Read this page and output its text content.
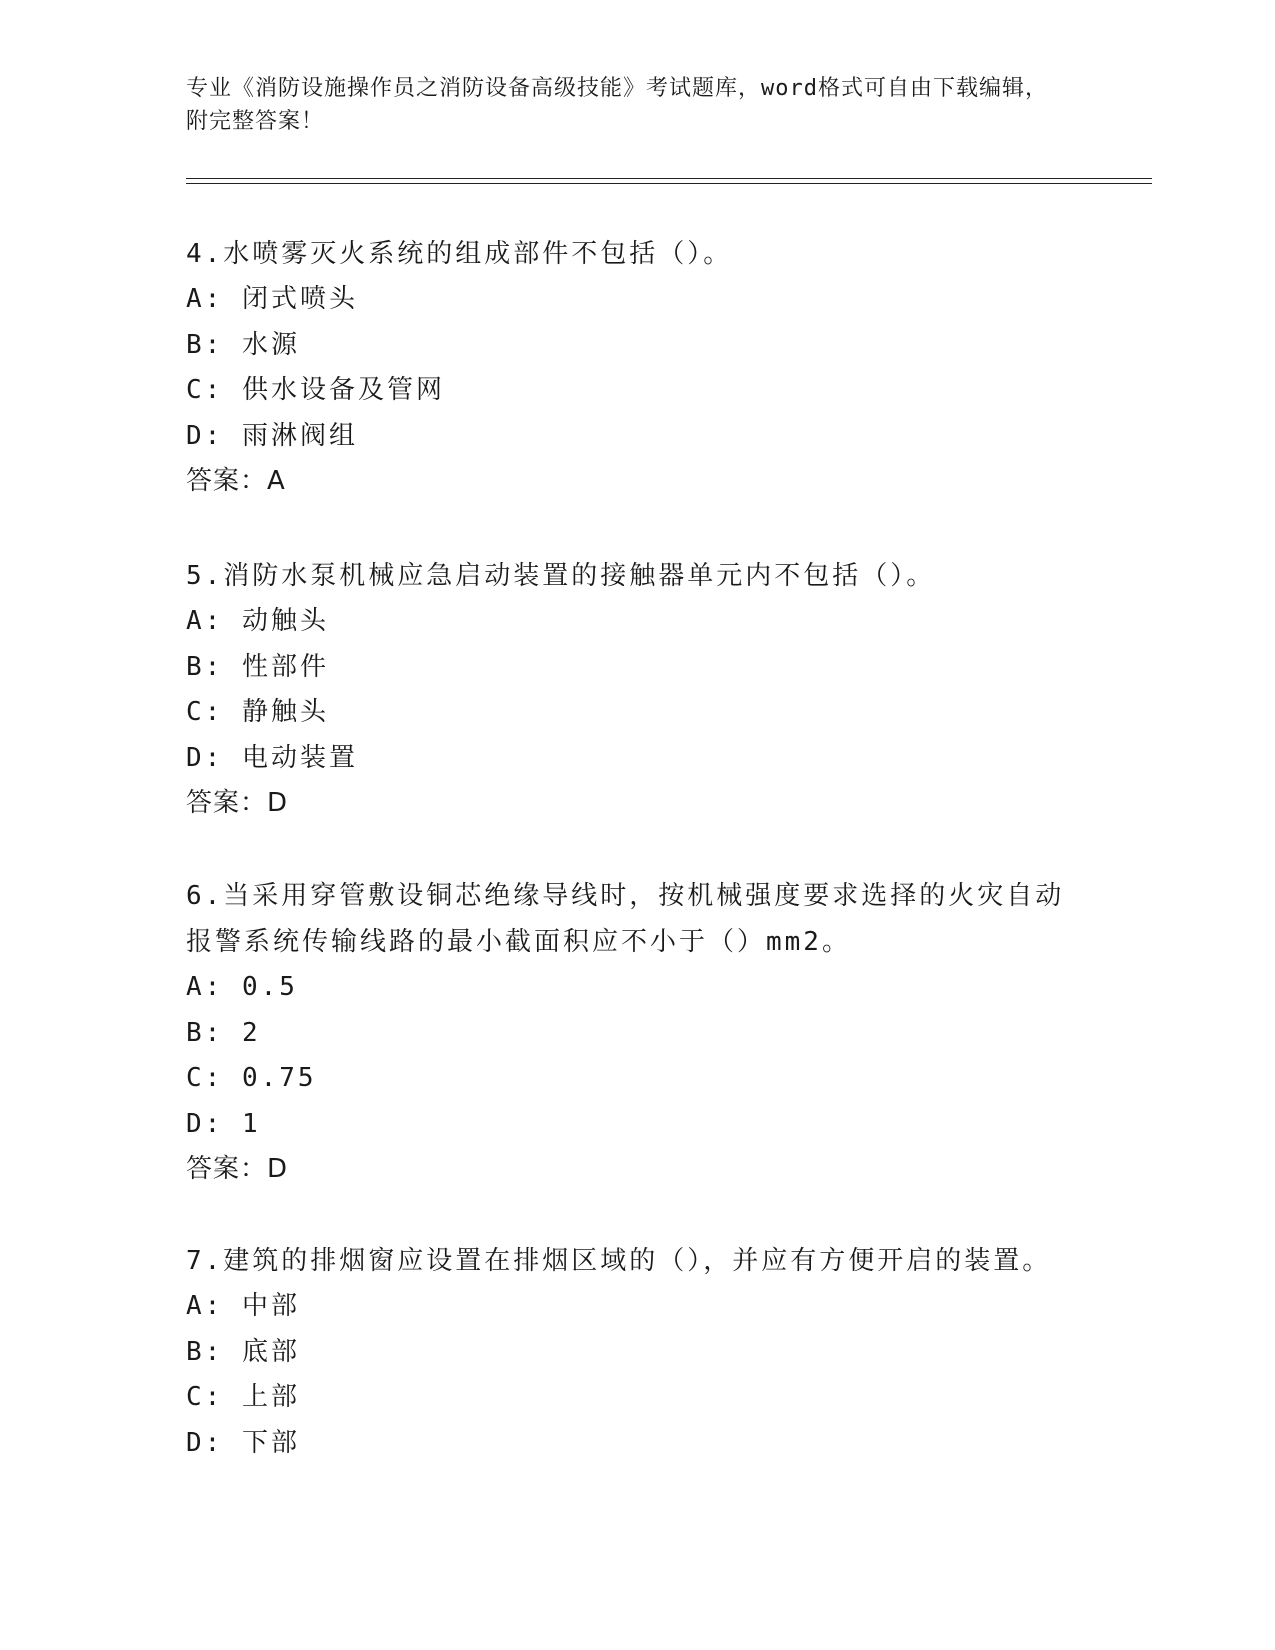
专业《消防设施操作员之消防设备高级技能》考试题库，word格式可自由下载编辑，附完整答案！
4.水喷雾灭火系统的组成部件不包括（）。
A: 闭式喷头
B: 水源
C: 供水设备及管网
D: 雨淋阀组
答案：A
5.消防水泵机械应急启动装置的接触器单元内不包括（）。
A: 动触头
B: 性部件
C: 静触头
D: 电动装置
答案：D
6.当采用穿管敷设铜芯绝缘导线时，按机械强度要求选择的火灾自动报警系统传输线路的最小截面积应不小于（）mm2。
A: 0.5
B: 2
C: 0.75
D: 1
答案：D
7.建筑的排烟窗应设置在排烟区域的（），并应有方便开启的装置。
A: 中部
B: 底部
C: 上部
D: 下部
